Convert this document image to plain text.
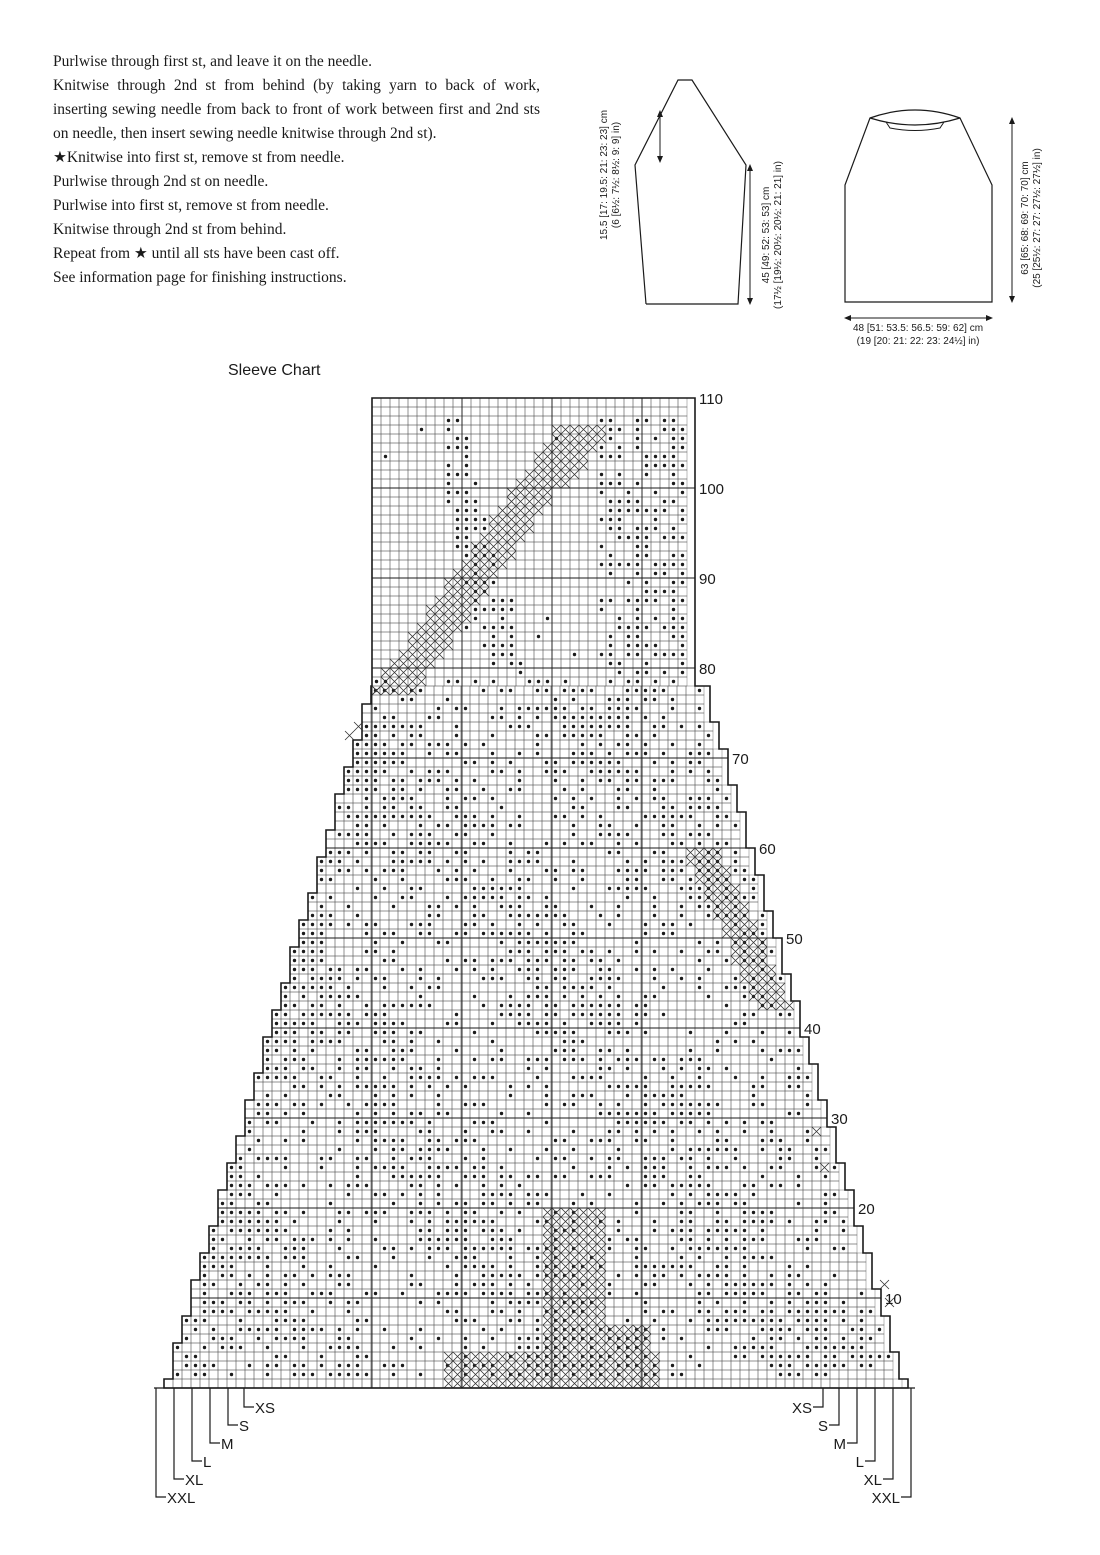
Purlwise through first st, and leave it on the needle.

Knitwise through 2nd st from behind (by taking yarn to back of work, inserting sewing needle from back to front of work between first and 2nd sts on needle, then insert sewing needle knitwise through 2nd st).

★Knitwise into first st, remove st from needle.

Purlwise through 2nd st on needle.

Purlwise into first st, remove st from needle.

Knitwise through 2nd st from behind.

Repeat from ★ until all sts have been cast off.

See information page for finishing instructions.

15.5 [17: 19.5: 21: 23: 23] cm (6 [6½: 7½: 8½: 9: 9] in)
45 [49: 52: 53: 53] cm (17½ [19½: 20½: 20½: 21: 21] in)	63 [65: 68: 69: 70: 70] cm (25 [25½: 27: 27: 27½: 27½] in)
48 [51: 53.5: 56.5: 59: 62] cm
(19 [20: 21: 22: 23: 24½] in)
Sleeve Chart
10
20
30
40
50
60
70
80
90
100
110
XS
S
M
L
XL
XXL
XS
S
M
L
XL
XXL
